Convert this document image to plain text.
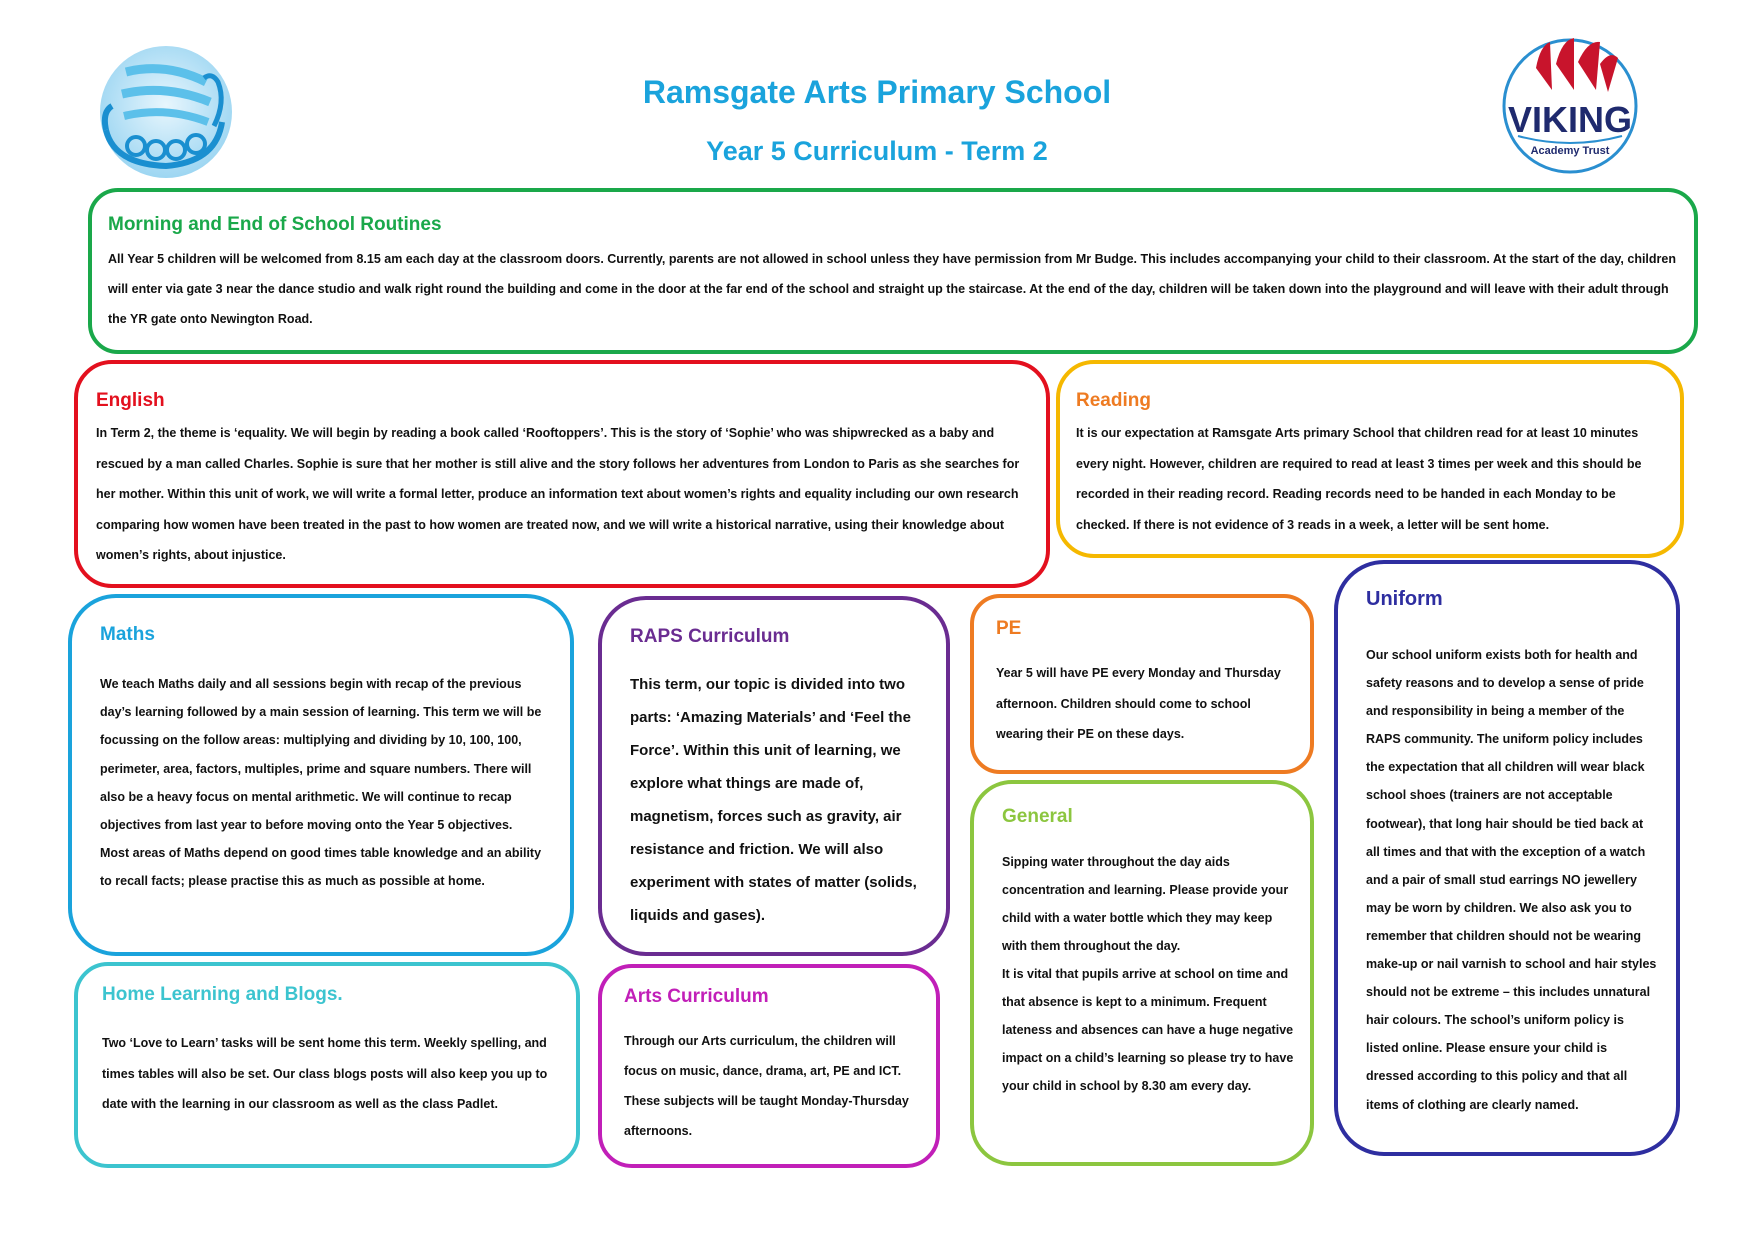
Ramsgate Arts Primary School
Year 5 Curriculum - Term 2
VIKING
Academy Trust
Morning and End of School Routines

All Year 5 children will be welcomed from 8.15 am each day at the classroom doors. Currently, parents are not allowed in school unless they have permission from Mr Budge. This includes accompanying your child to their classroom. At the start of the day, children will enter via gate 3 near the dance studio and walk right round the building and come in the door at the far end of the school and straight up the staircase. At the end of the day, children will be taken down into the playground and will leave with their adult through the YR gate onto Newington Road.

English

In Term 2, the theme is ‘equality. We will begin by reading a book called ‘Rooftoppers’. This is the story of ‘Sophie’ who was shipwrecked as a baby and rescued by a man called Charles. Sophie is sure that her mother is still alive and the story follows her adventures from London to Paris as she searches for her mother. Within this unit of work, we will write a formal letter, produce an information text about women’s rights and equality including our own research comparing how women have been treated in the past to how women are treated now, and we will write a historical narrative, using their knowledge about women’s rights, about injustice.

Reading

It is our expectation at Ramsgate Arts primary School that children read for at least 10 minutes every night. However, children are required to read at least 3 times per week and this should be recorded in their reading record. Reading records need to be handed in each Monday to be checked. If there is not evidence of 3 reads in a week, a letter will be sent home.

Maths

We teach Maths daily and all sessions begin with recap of the previous day’s learning followed by a main session of learning. This term we will be focussing on the follow areas: multiplying and dividing by 10, 100, 100, perimeter, area, factors, multiples, prime and square numbers. There will also be a heavy focus on mental arithmetic. We will continue to recap objectives from last year to before moving onto the Year 5 objectives.

Most areas of Maths depend on good times table knowledge and an ability to recall facts; please practise this as much as possible at home.

RAPS Curriculum

This term, our topic is divided into two parts: ‘Amazing Materials’ and ‘Feel the Force’. Within this unit of learning, we explore what things are made of, magnetism, forces such as gravity, air resistance and friction. We will also experiment with states of matter (solids, liquids and gases).

PE

Year 5 will have PE every Monday and Thursday afternoon. Children should come to school wearing their PE on these days.

General

Sipping water throughout the day aids concentration and learning. Please provide your child with a water bottle which they may keep with them throughout the day.

It is vital that pupils arrive at school on time and that absence is kept to a minimum. Frequent lateness and absences can have a huge negative impact on a child’s learning so please try to have your child in school by 8.30 am every day.

Uniform

Our school uniform exists both for health and safety reasons and to develop a sense of pride and responsibility in being a member of the RAPS community. The uniform policy includes the expectation that all children will wear black school shoes (trainers are not acceptable footwear), that long hair should be tied back at all times and that with the exception of a watch and a pair of small stud earrings NO jewellery may be worn by children. We also ask you to remember that children should not be wearing make-up or nail varnish to school and hair styles should not be extreme – this includes unnatural hair colours. The school’s uniform policy is listed online. Please ensure your child is dressed according to this policy and that all items of clothing are clearly named.

Home Learning and Blogs.

Two ‘Love to Learn’ tasks will be sent home this term. Weekly spelling, and times tables will also be set. Our class blogs posts will also keep you up to date with the learning in our classroom as well as the class Padlet.

Arts Curriculum

Through our Arts curriculum, the children will focus on music, dance, drama, art, PE and ICT. These subjects will be taught Monday-Thursday afternoons.
